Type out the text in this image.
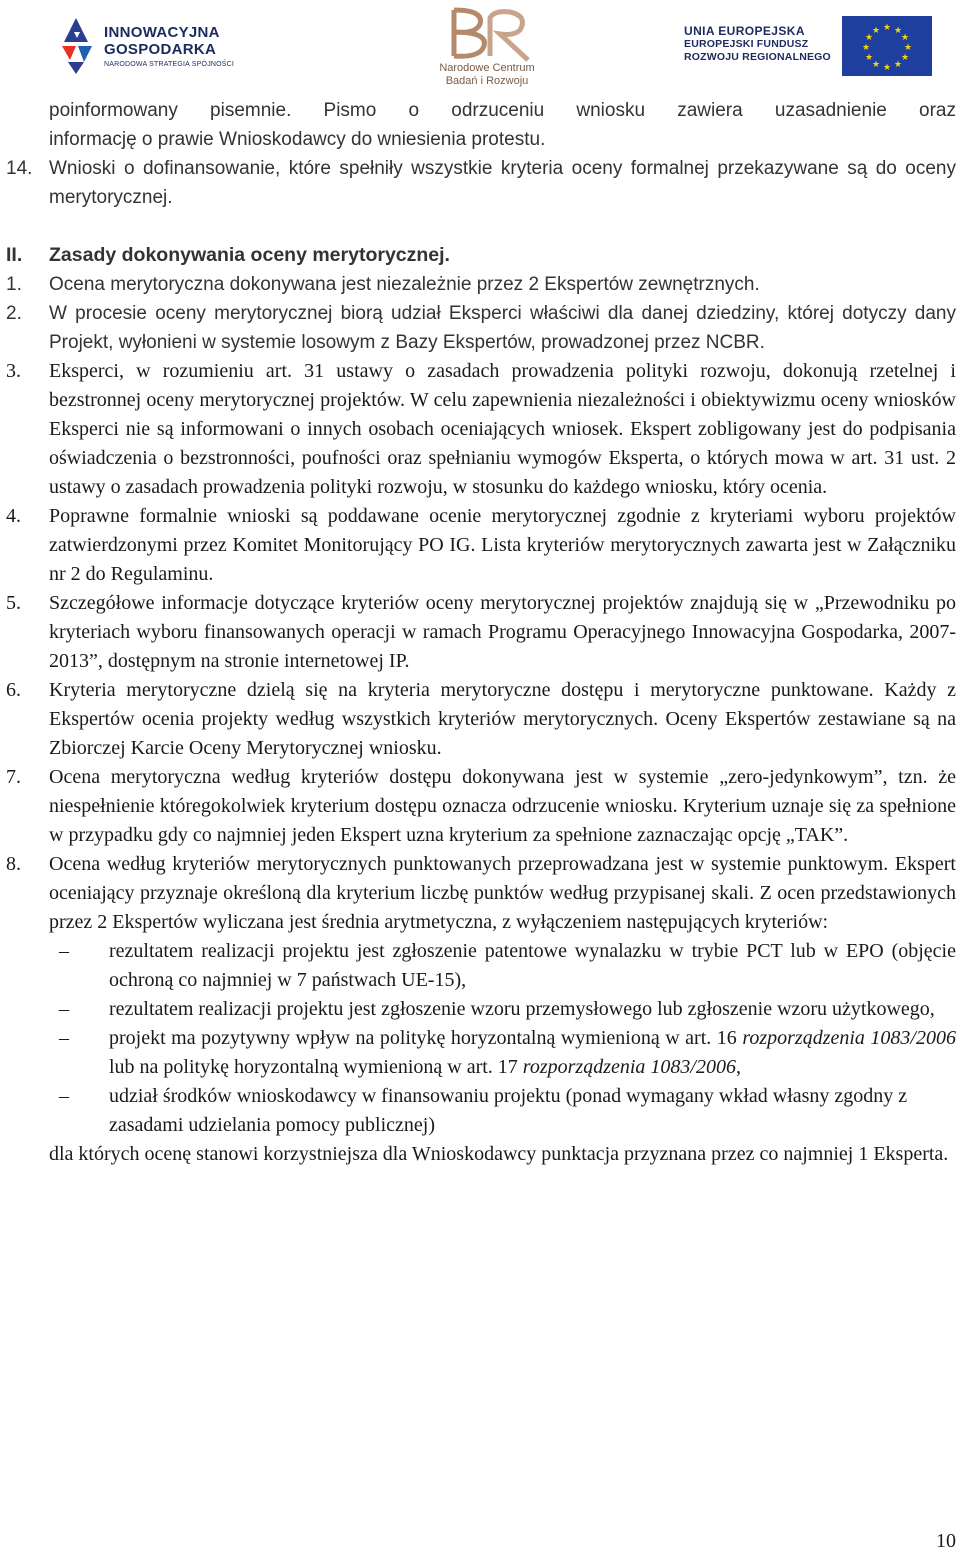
INNOWACYJNA
GOSPODARKA
NARODOWA STRATEGIA SPÓJNOŚCI	Narodowe Centrum
Badań i Rozwoju
UNIA EUROPEJSKA
EUROPEJSKI FUNDUSZ
ROZWOJU REGIONALNEGO
★ ★
★
★
★
★
★
★
★
★
★
★
poinformowany pisemnie. Pismo o odrzuceniu wniosku zawiera uzasadnienie oraz
informację o prawie Wnioskodawcy do wniesienia protestu.
14. Wnioski o dofinansowanie, które spełniły wszystkie kryteria oceny formalnej przekazywane są do oceny merytorycznej.
II. Zasady dokonywania oceny merytorycznej.
1. Ocena merytoryczna dokonywana jest niezależnie przez 2 Ekspertów zewnętrznych.
2. W procesie oceny merytorycznej biorą udział Eksperci właściwi dla danej dziedziny, której dotyczy dany Projekt, wyłonieni w systemie losowym z Bazy Ekspertów, prowadzonej przez NCBR.
3. Eksperci, w rozumieniu art. 31 ustawy o zasadach prowadzenia polityki rozwoju, dokonują rzetelnej i bezstronnej oceny merytorycznej projektów. W celu zapewnienia niezależności i obiektywizmu oceny wniosków Eksperci nie są informowani o innych osobach oceniających wniosek. Ekspert zobligowany jest do podpisania oświadczenia o bezstronności, poufności oraz spełnianiu wymogów Eksperta, o których mowa w art. 31 ust. 2 ustawy o zasadach prowadzenia polityki rozwoju, w stosunku do każdego wniosku, który ocenia.
4. Poprawne formalnie wnioski są poddawane ocenie merytorycznej zgodnie z kryteriami wyboru projektów zatwierdzonymi przez Komitet Monitorujący PO IG. Lista kryteriów merytorycznych zawarta jest w Załączniku nr 2 do Regulaminu.
5. Szczegółowe informacje dotyczące kryteriów oceny merytorycznej projektów znajdują się w „Przewodniku po kryteriach wyboru finansowanych operacji w ramach Programu Operacyjnego Innowacyjna Gospodarka, 2007-2013”, dostępnym na stronie internetowej IP.
6. Kryteria merytoryczne dzielą się na kryteria merytoryczne dostępu i merytoryczne punktowane. Każdy z Ekspertów ocenia projekty według wszystkich kryteriów merytorycznych. Oceny Ekspertów zestawiane są na Zbiorczej Karcie Oceny Merytorycznej wniosku.
7. Ocena merytoryczna według kryteriów dostępu dokonywana jest w systemie „zero-jedynkowym”, tzn. że niespełnienie któregokolwiek kryterium dostępu oznacza odrzucenie wniosku. Kryterium uznaje się za spełnione w przypadku gdy co najmniej jeden Ekspert uzna kryterium za spełnione zaznaczając opcję „TAK”.
8. Ocena według kryteriów merytorycznych punktowanych przeprowadzana jest w systemie punktowym. Ekspert oceniający przyznaje określoną dla kryterium liczbę punktów według przypisanej skali. Z ocen przedstawionych przez 2 Ekspertów wyliczana jest średnia arytmetyczna, z wyłączeniem następujących kryteriów:
– rezultatem realizacji projektu jest zgłoszenie patentowe wynalazku w trybie PCT lub w EPO (objęcie ochroną co najmniej w 7 państwach UE-15),
– rezultatem realizacji projektu jest zgłoszenie wzoru przemysłowego lub zgłoszenie wzoru użytkowego,
– projekt ma pozytywny wpływ na politykę horyzontalną wymienioną w art. 16 rozporządzenia 1083/2006 lub na politykę horyzontalną wymienioną w art. 17 rozporządzenia 1083/2006,
– udział środków wnioskodawcy w finansowaniu projektu (ponad wymagany wkład własny zgodny z zasadami udzielania pomocy publicznej)
dla których ocenę stanowi korzystniejsza dla Wnioskodawcy punktacja przyznana przez co najmniej 1 Eksperta.
10
